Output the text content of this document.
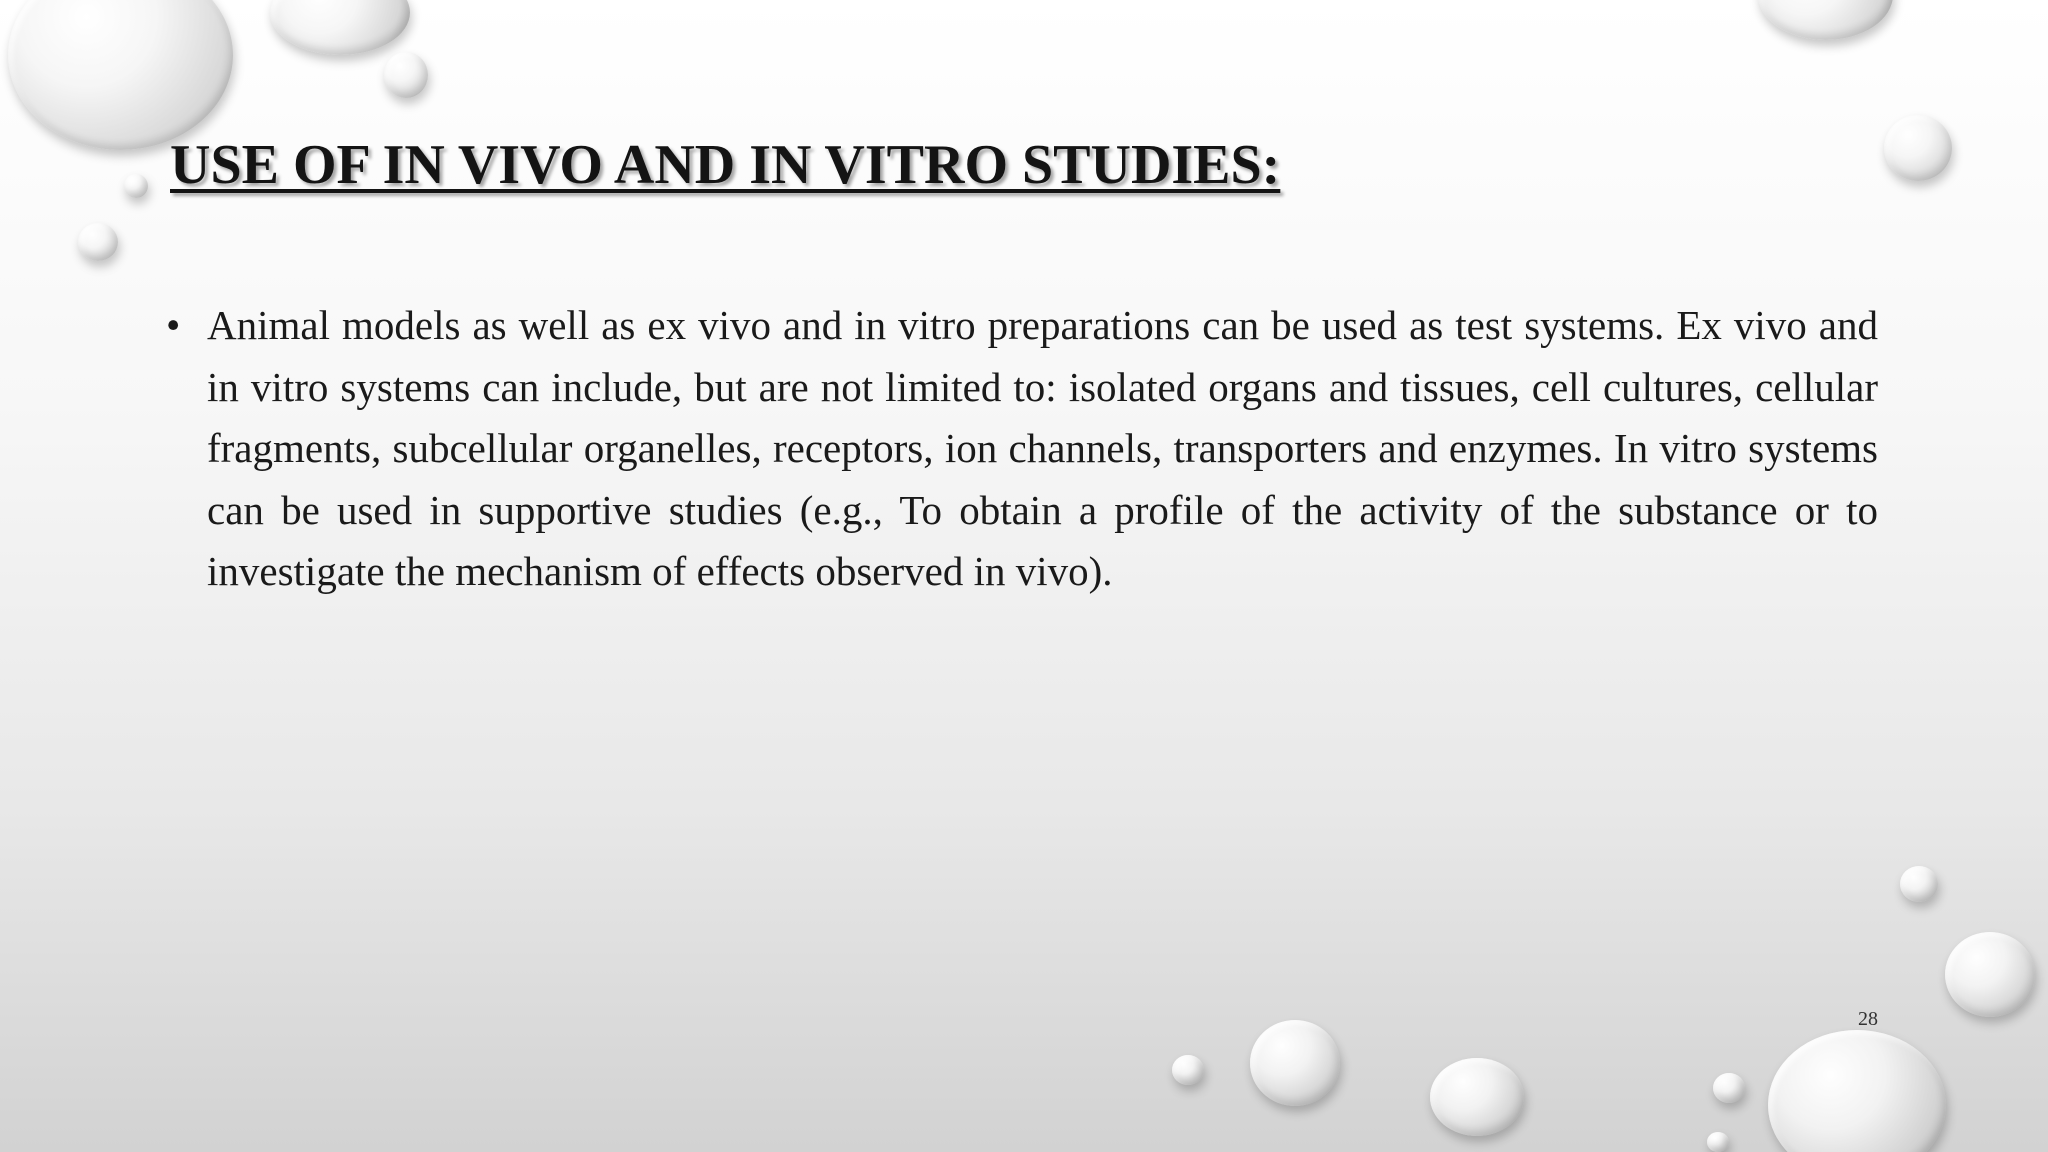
USE OF IN VIVO AND IN VITRO STUDIES:
• Animal models as well as ex vivo and in vitro preparations can be used as test systems. Ex vivo and in vitro systems can include, but are not limited to: isolated organs and tissues, cell cultures, cellular fragments, subcellular organelles, receptors, ion channels, transporters and enzymes. In vitro systems can be used in supportive studies (e.g., To obtain a profile of the activity of the substance or to investigate the mechanism of effects observed in vivo).
28
